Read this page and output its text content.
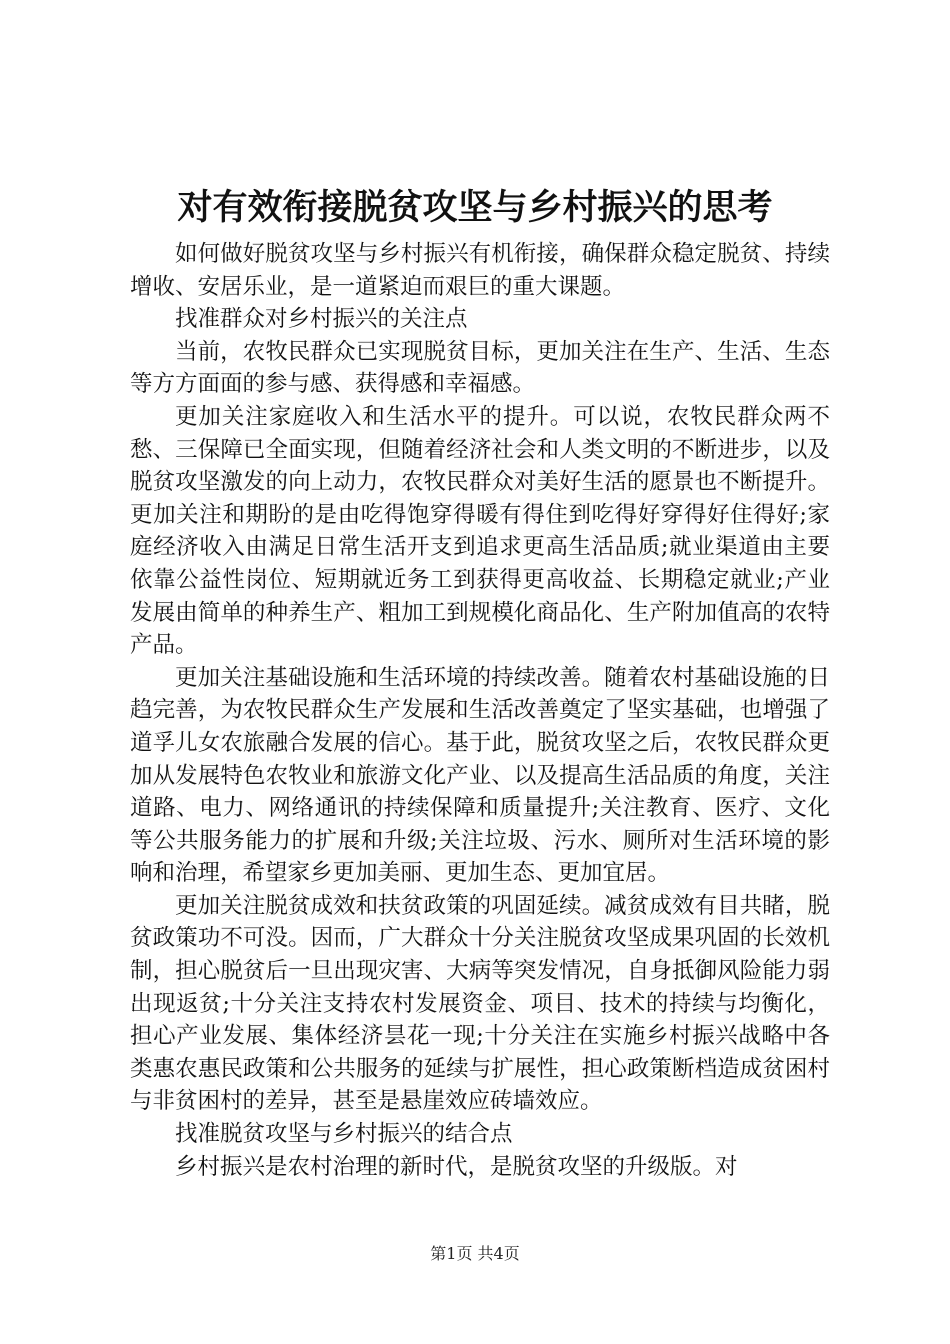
对有效衔接脱贫攻坚与乡村振兴的思考

如何做好脱贫攻坚与乡村振兴有机衔接，确保群众稳定脱贫、持续增收、安居乐业，是一道紧迫而艰巨的重大课题。

找准群众对乡村振兴的关注点

当前，农牧民群众已实现脱贫目标，更加关注在生产、生活、生态等方方面面的参与感、获得感和幸福感。

更加关注家庭收入和生活水平的提升。可以说，农牧民群众两不愁、三保障已全面实现，但随着经济社会和人类文明的不断进步，以及脱贫攻坚激发的向上动力，农牧民群众对美好生活的愿景也不断提升。更加关注和期盼的是由吃得饱穿得暖有得住到吃得好穿得好住得好;家庭经济收入由满足日常生活开支到追求更高生活品质;就业渠道由主要依靠公益性岗位、短期就近务工到获得更高收益、长期稳定就业;产业发展由简单的种养生产、粗加工到规模化商品化、生产附加值高的农特产品。

更加关注基础设施和生活环境的持续改善。随着农村基础设施的日趋完善，为农牧民群众生产发展和生活改善奠定了坚实基础，也增强了道孚儿女农旅融合发展的信心。基于此，脱贫攻坚之后，农牧民群众更加从发展特色农牧业和旅游文化产业、以及提高生活品质的角度，关注道路、电力、网络通讯的持续保障和质量提升;关注教育、医疗、文化等公共服务能力的扩展和升级;关注垃圾、污水、厕所对生活环境的影响和治理，希望家乡更加美丽、更加生态、更加宜居。

更加关注脱贫成效和扶贫政策的巩固延续。减贫成效有目共睹，脱贫政策功不可没。因而，广大群众十分关注脱贫攻坚成果巩固的长效机制，担心脱贫后一旦出现灾害、大病等突发情况，自身抵御风险能力弱出现返贫;十分关注支持农村发展资金、项目、技术的持续与均衡化，担心产业发展、集体经济昙花一现;十分关注在实施乡村振兴战略中各类惠农惠民政策和公共服务的延续与扩展性，担心政策断档造成贫困村与非贫困村的差异，甚至是悬崖效应砖墙效应。

找准脱贫攻坚与乡村振兴的结合点

乡村振兴是农村治理的新时代，是脱贫攻坚的升级版。对

第1页 共4页
